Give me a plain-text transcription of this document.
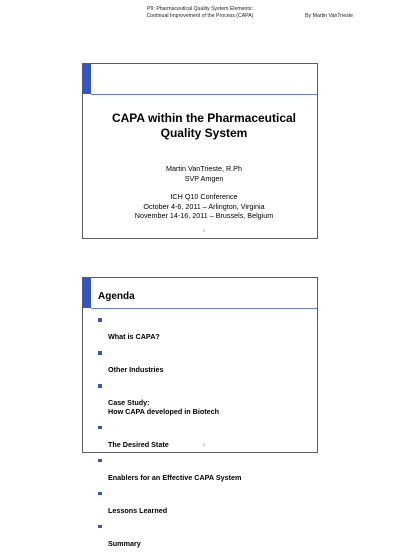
P9: Pharmaceutical Quality System Elements:
Continual Improvement of the Process (CAPA)	By Martin VanTrieste
CAPA within the Pharmaceutical
Quality System
Martin VanTrieste, R.Ph
SVP Amgen
ICH Q10 Conference
October 4-6, 2011 – Arlington, Virginia
November 14-16, 2011 – Brussels, Belgium
1
Agenda

What is CAPA?

Other Industries

Case Study:
How CAPA developed in Biotech

The Desired State

Enablers for an Effective CAPA System

Lessons Learned

Summary

1
